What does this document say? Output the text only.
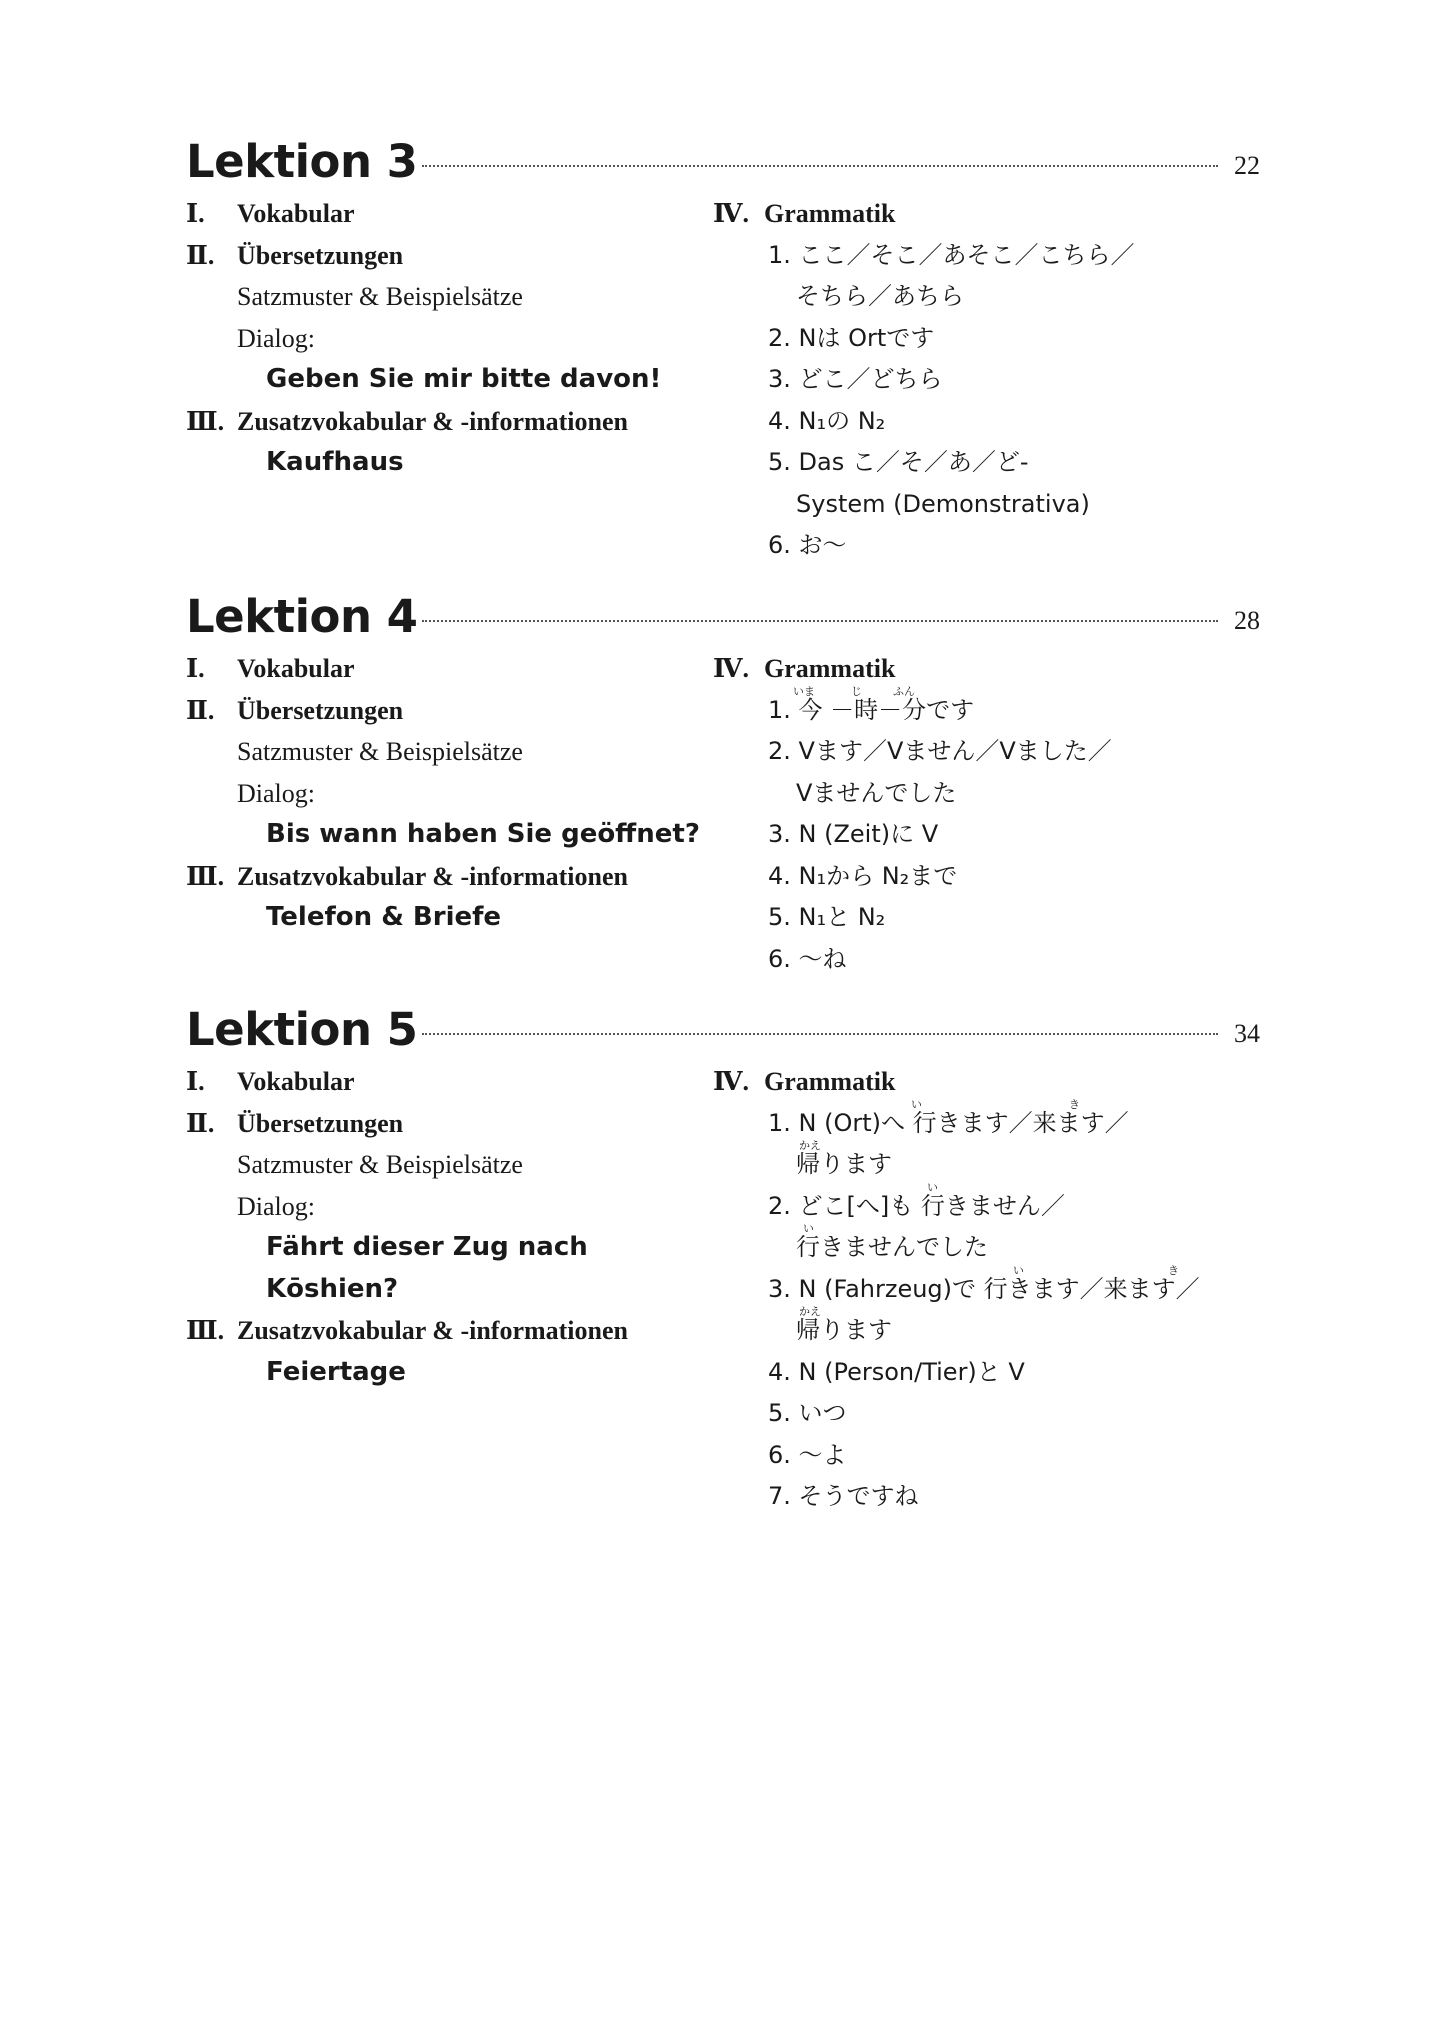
Lektion 3	22
Ⅰ. Vokabular
Ⅱ. Übersetzungen
Satzmuster & Beispielsätze
Dialog:
Geben Sie mir bitte davon!
Ⅲ. Zusatzvokabular & -informationen
Kaufhaus
Ⅳ. Grammatik
1. ここ／そこ／あそこ／こちら／
そちら／あちら
2. Nは Ortです
3. どこ／どちら
4. N₁の N₂
5. Das こ／そ／あ／ど-
System (Demonstrativa)
6. お～
Lektion 4	28
Ⅰ. Vokabular
Ⅱ. Übersetzungen
Satzmuster & Beispielsätze
Dialog:
Bis wann haben Sie geöffnet?
Ⅲ. Zusatzvokabular & -informationen
Telefon & Briefe
Ⅳ. Grammatik
いま	じ	ふん
1. 今 －時－分です
2. Vます／Vません／Vました／
Vませんでした
3. N (Zeit)に V
4. N₁から N₂まで
5. N₁と N₂
6. ～ね
Lektion 5	34
Ⅰ. Vokabular
Ⅱ. Übersetzungen
Satzmuster & Beispielsätze
Dialog:
Fährt dieser Zug nach
Kōshien?
Ⅲ. Zusatzvokabular & -informationen
Feiertage
Ⅳ. Grammatik
い	き
1. N (Ort)へ 行きます／来ます／
かえ
帰ります
い
2. どこ[へ]も 行きません／
い
行きませんでした
い	き
3. N (Fahrzeug)で 行きます／来ます／
かえ
帰ります
4. N (Person/Tier)と V
5. いつ
6. ～よ
7. そうですね
